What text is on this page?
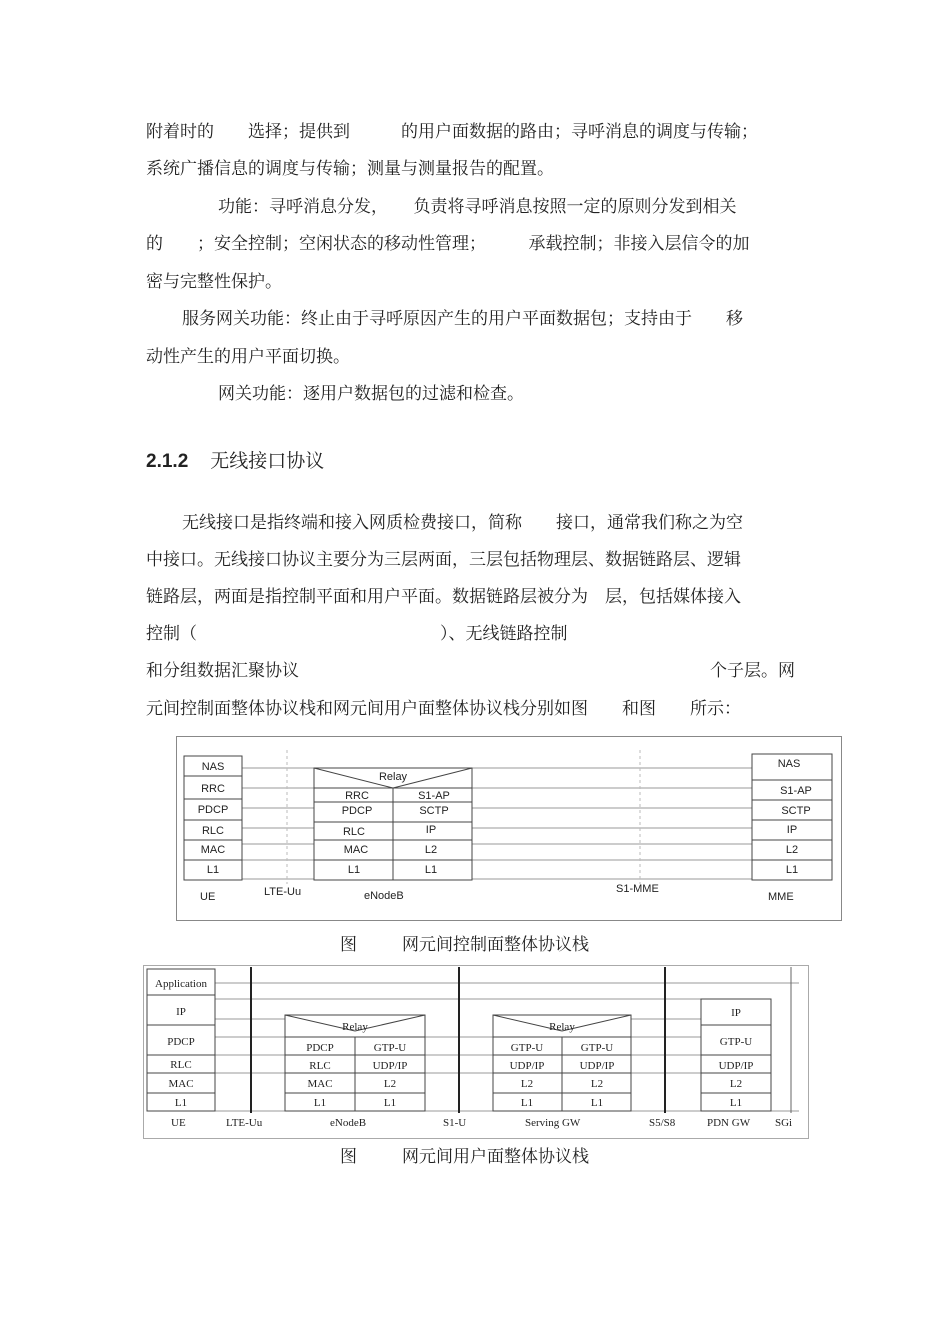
附着时的　　选择；提供到　　　的用户面数据的路由；寻呼消息的调度与传输；
系统广播信息的调度与传输；测量与测量报告的配置。
功能：寻呼消息分发，　　负责将寻呼消息按照一定的原则分发到相关
的　　；安全控制；空闲状态的移动性管理；　　　承载控制；非接入层信令的加
密与完整性保护。
服务网关功能：终止由于寻呼原因产生的用户平面数据包；支持由于　　移
动性产生的用户平面切换。
网关功能：逐用户数据包的过滤和检查。
2.1.2 无线接口协议
无线接口是指终端和接入网质检费接口，简称　　接口，通常我们称之为空
中接口。无线接口协议主要分为三层两面，三层包括物理层、数据链路层、逻辑
链路层，两面是指控制平面和用户平面。数据链路层被分为　层，包括媒体接入
控制（	）、无线链路控制
和分组数据汇聚协议	个子层。网
元间控制面整体协议栈和网元间用户面整体协议栈分别如图　　和图　　所示：
NAS
RRC
PDCP
RLC
MAC
L1
Relay
RRC
PDCP
RLC
MAC
L1
S1-AP
SCTP
IP
L2
L1
NAS
S1-AP
SCTP
IP
L2
L1
UE	LTE-Uu	eNodeB
S1-MME
MME
图	网元间控制面整体协议栈
Application
IP
PDCP
RLC
MAC
L1
Relay
PDCP
RLC
MAC
L1
GTP-U
UDP/IP
L2
L1
Relay
GTP-U
UDP/IP
L2
L1
GTP-U
UDP/IP
L2
L1
IP
GTP-U
UDP/IP
L2
L1
UE	LTE-Uu	eNodeB	S1-U	Serving GW	S5/S8	PDN GW SGi
图	网元间用户面整体协议栈
